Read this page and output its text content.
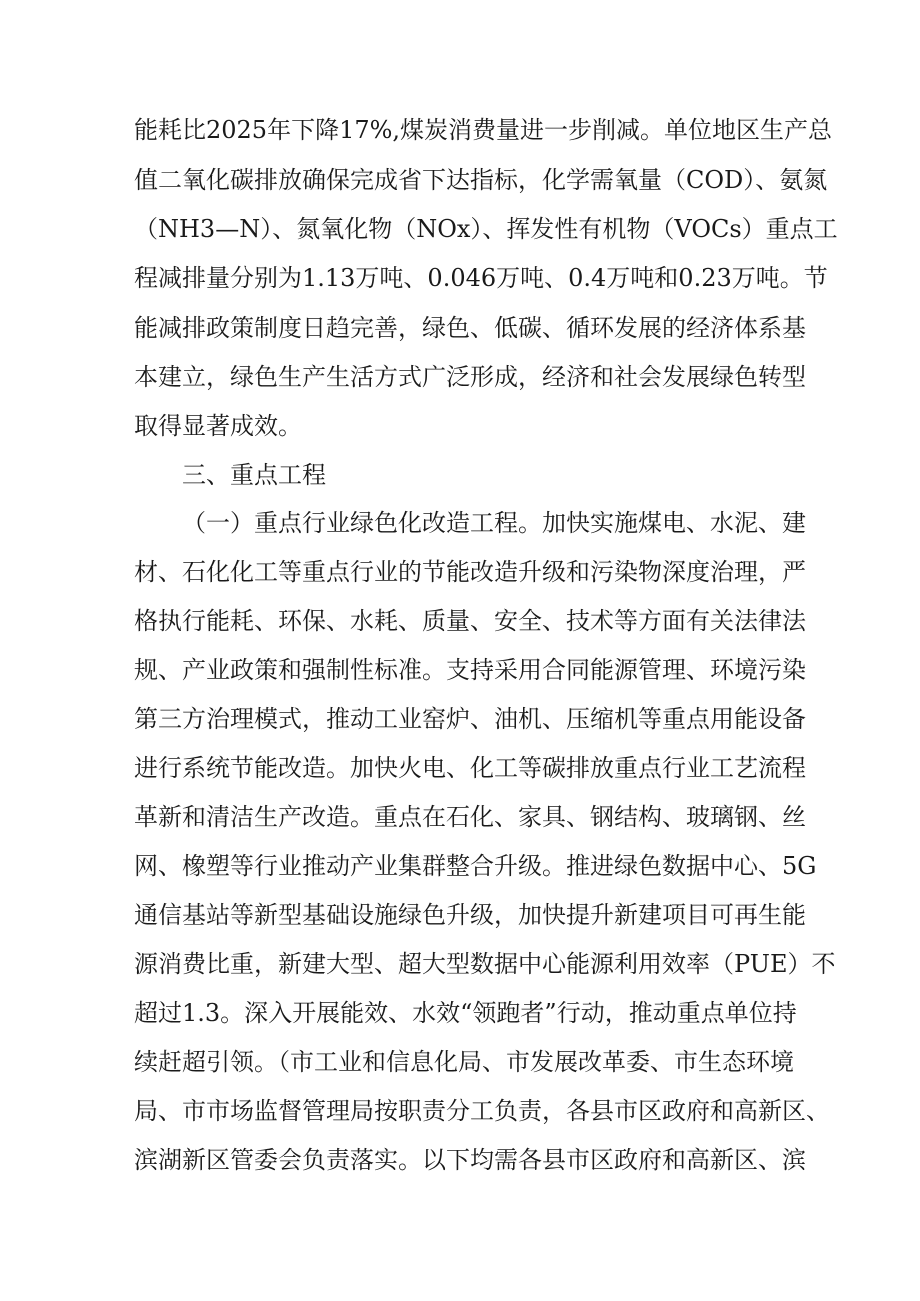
能耗比2025年下降17%,煤炭消费量进一步削减。单位地区生产总
值二氧化碳排放确保完成省下达指标，化学需氧量（COD）、氨氮
（NH3—N）、氮氧化物（NOx）、挥发性有机物（VOCs）重点工
程减排量分别为1.13万吨、0.046万吨、0.4万吨和0.23万吨。节
能减排政策制度日趋完善，绿色、低碳、循环发展的经济体系基
本建立，绿色生产生活方式广泛形成，经济和社会发展绿色转型
取得显著成效。
三、重点工程
（一）重点行业绿色化改造工程。加快实施煤电、水泥、建
材、石化化工等重点行业的节能改造升级和污染物深度治理，严
格执行能耗、环保、水耗、质量、安全、技术等方面有关法律法
规、产业政策和强制性标准。支持采用合同能源管理、环境污染
第三方治理模式，推动工业窑炉、油机、压缩机等重点用能设备
进行系统节能改造。加快火电、化工等碳排放重点行业工艺流程
革新和清洁生产改造。重点在石化、家具、钢结构、玻璃钢、丝
网、橡塑等行业推动产业集群整合升级。推进绿色数据中心、5G
通信基站等新型基础设施绿色升级，加快提升新建项目可再生能
源消费比重，新建大型、超大型数据中心能源利用效率（PUE）不
超过1.3。深入开展能效、水效“领跑者”行动，推动重点单位持
续赶超引领。（市工业和信息化局、市发展改革委、市生态环境
局、市市场监督管理局按职责分工负责，各县市区政府和高新区、
滨湖新区管委会负责落实。以下均需各县市区政府和高新区、滨
